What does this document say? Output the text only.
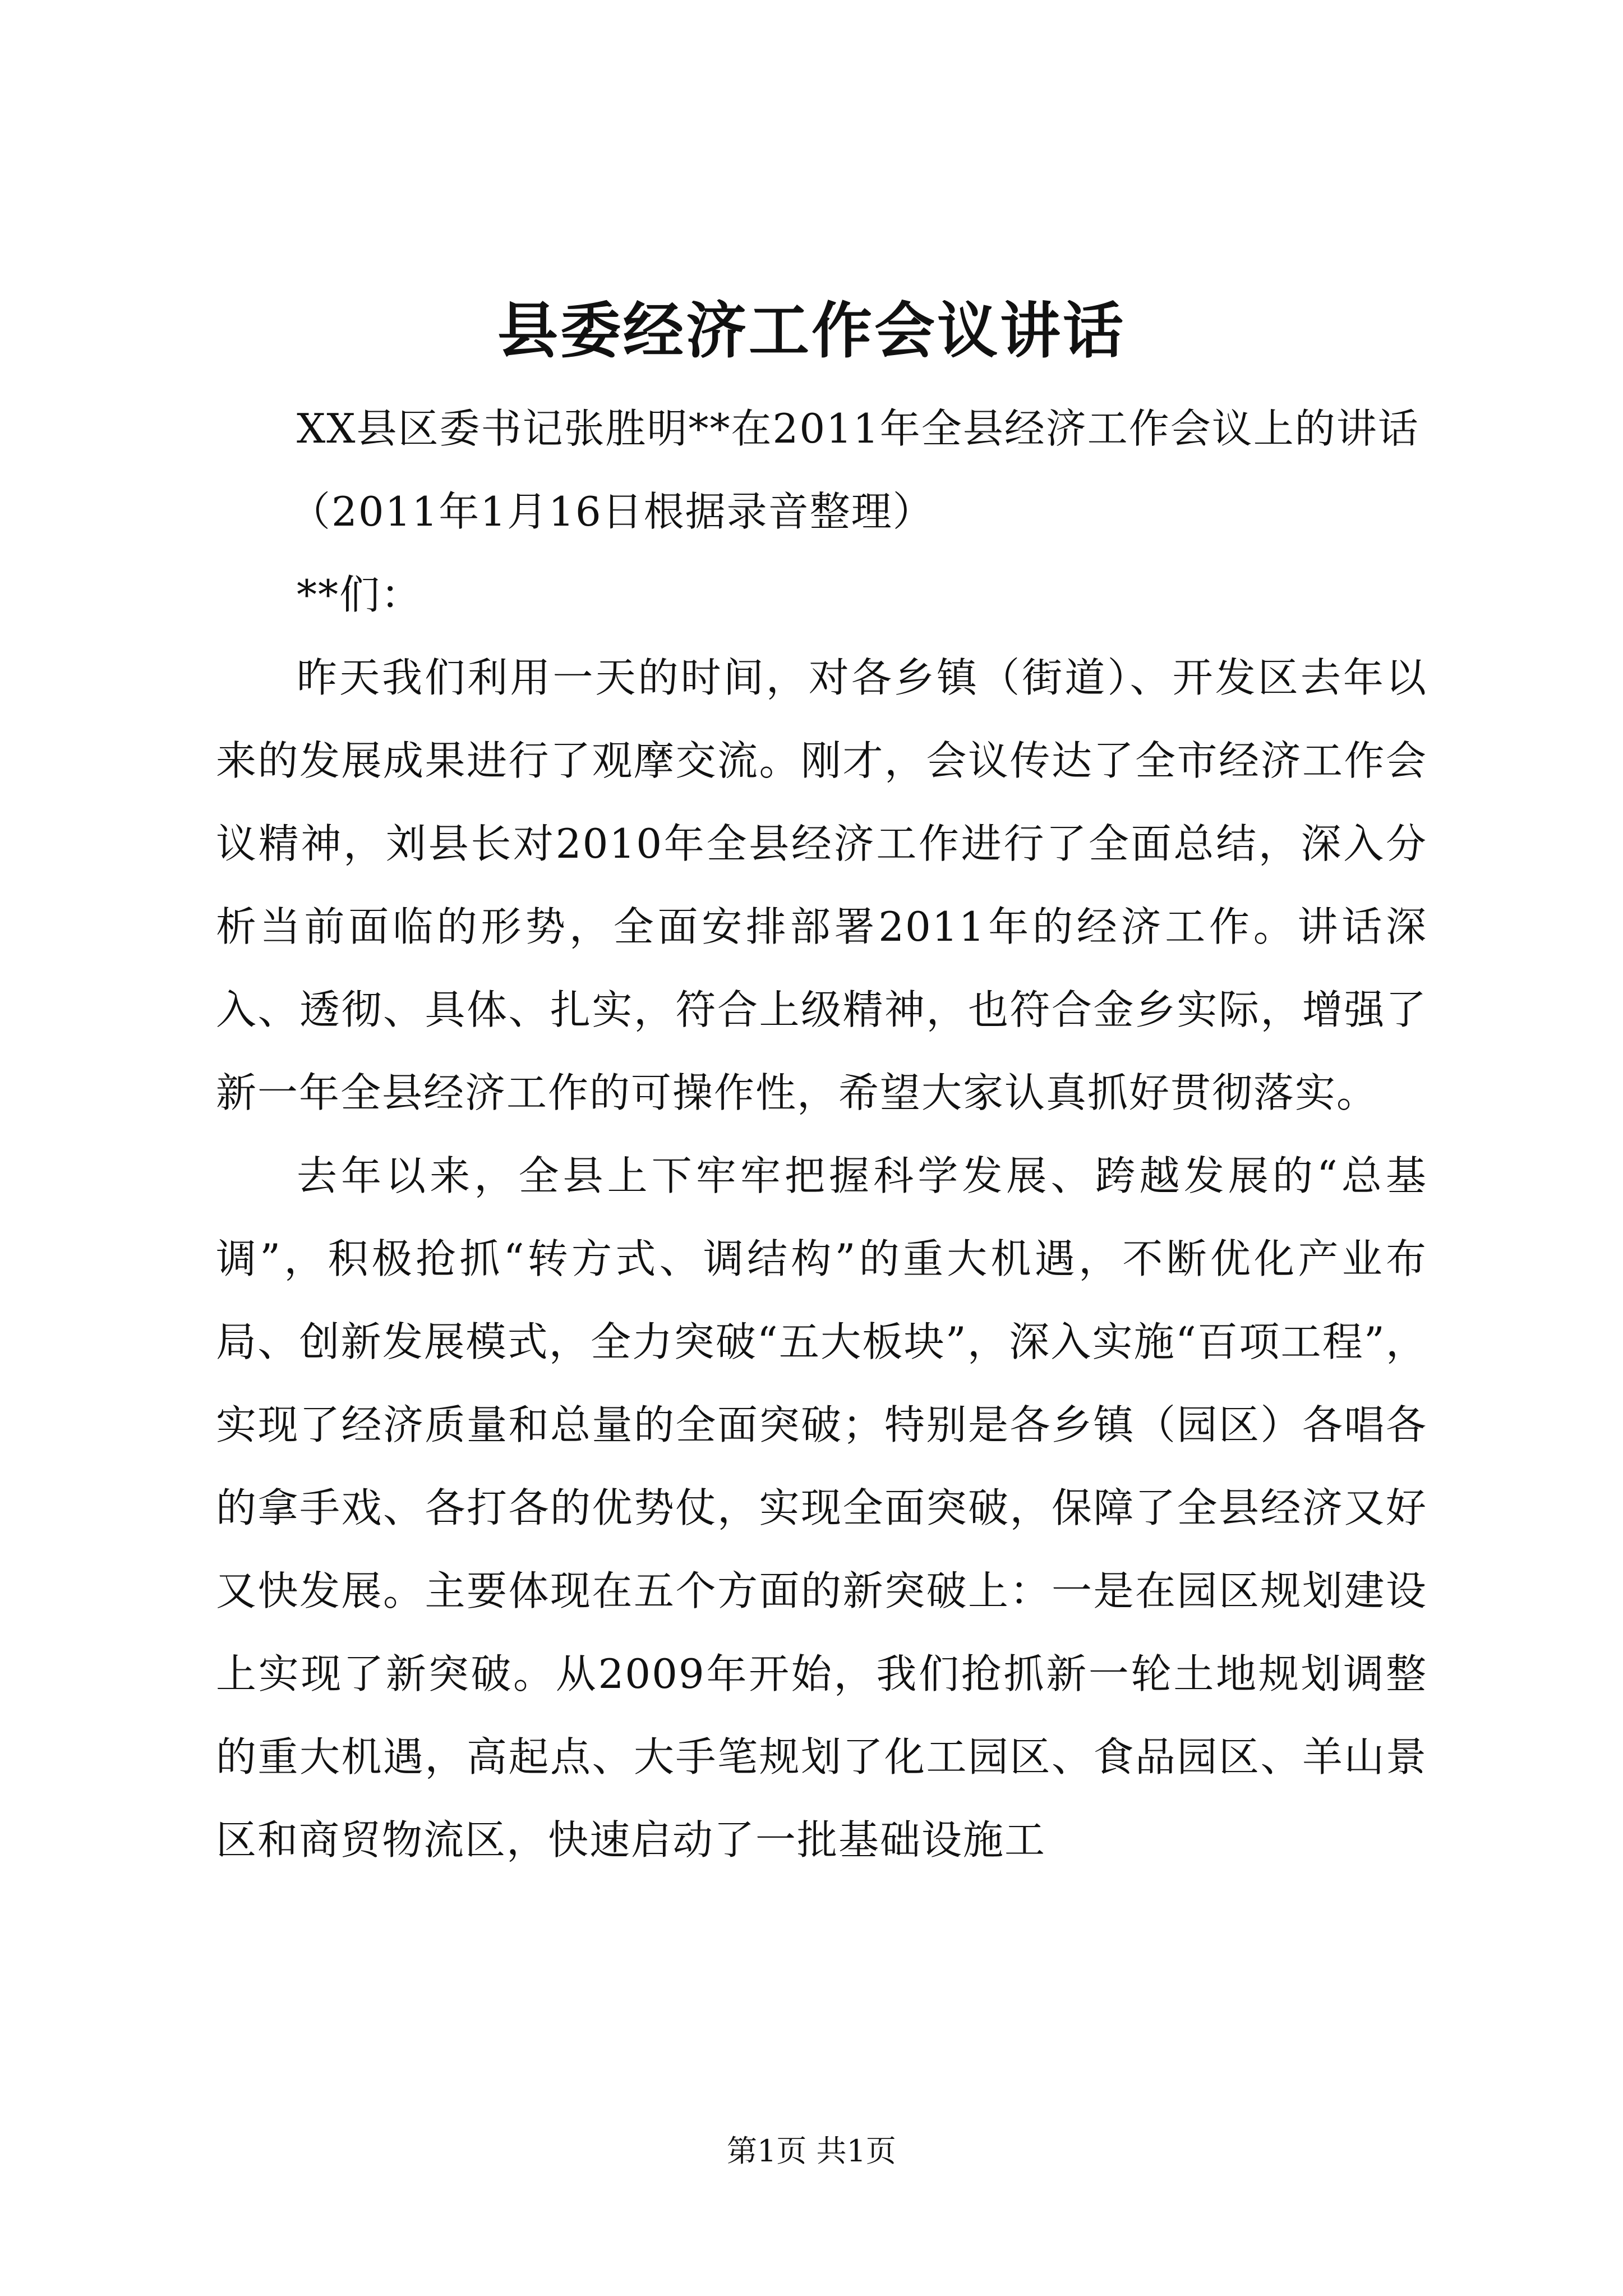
县委经济工作会议讲话

XX县区委书记张胜明**在2011年全县经济工作会议上的讲话

（2011年1月16日根据录音整理）

**们：

昨天我们利用一天的时间，对各乡镇（街道）、开发区去年以来的发展成果进行了观摩交流。刚才，会议传达了全市经济工作会议精神，刘县长对2010年全县经济工作进行了全面总结，深入分析当前面临的形势，全面安排部署2011年的经济工作。讲话深入、透彻、具体、扎实，符合上级精神，也符合金乡实际，增强了新一年全县经济工作的可操作性，希望大家认真抓好贯彻落实。

去年以来，全县上下牢牢把握科学发展、跨越发展的“总基调”，积极抢抓“转方式、调结构”的重大机遇，不断优化产业布局、创新发展模式，全力突破“五大板块”，深入实施“百项工程”，实现了经济质量和总量的全面突破；特别是各乡镇（园区）各唱各的拿手戏、各打各的优势仗，实现全面突破，保障了全县经济又好又快发展。主要体现在五个方面的新突破上：一是在园区规划建设上实现了新突破。从2009年开始，我们抢抓新一轮土地规划调整的重大机遇，高起点、大手笔规划了化工园区、食品园区、羊山景区和商贸物流区，快速启动了一批基础设施工

第1页 共1页
